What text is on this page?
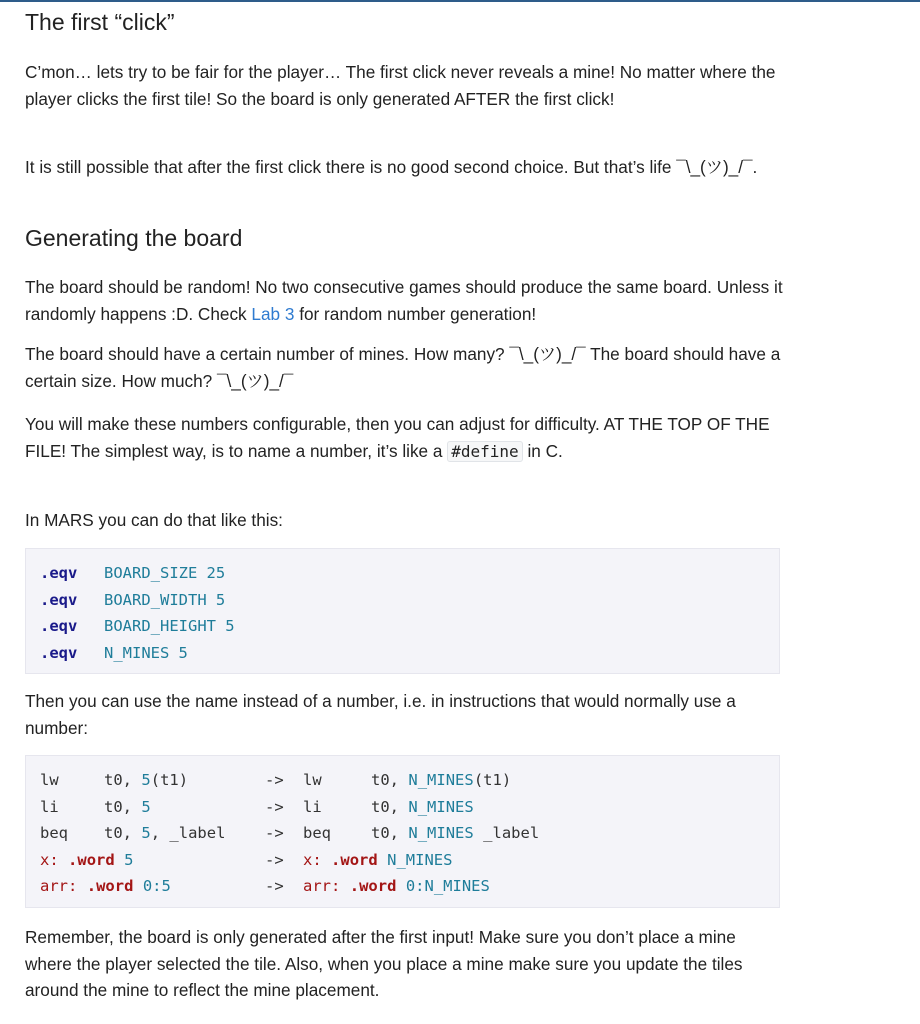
The first “click”

C’mon… lets try to be fair for the player… The first click never reveals a mine! No matter where the player clicks the first tile! So the board is only generated AFTER the first click!

It is still possible that after the first click there is no good second choice. But that’s life ¯\_(ツ)_/¯.

Generating the board

The board should be random! No two consecutive games should produce the same board. Unless it randomly happens :D. Check Lab 3 for random number generation!

The board should have a certain number of mines. How many? ¯\_(ツ)_/¯ The board should have a certain size. How much? ¯\_(ツ)_/¯

You will make these numbers configurable, then you can adjust for difficulty. AT THE TOP OF THE FILE! The simplest way, is to name a number, it’s like a #define in C.

In MARS you can do that like this:

.eqv BOARD_SIZE 25
.eqv BOARD_WIDTH 5
.eqv BOARD_HEIGHT 5
.eqv N_MINES 5

Then you can use the name instead of a number, i.e. in instructions that would normally use a number:

lw	t0, 5 (t1)	-> lw	t0, N_MINES (t1)
li	t0, 5	-> li	t0, N_MINES
beq t0, 5 , _label	-> beq	t0, N_MINES _label
x: .word 5	-> x: .word N_MINES
arr: .word 0:5	-> arr: .word 0:N_MINES

Remember, the board is only generated after the first input! Make sure you don’t place a mine where the player selected the tile. Also, when you place a mine make sure you update the tiles around the mine to reflect the mine placement.
